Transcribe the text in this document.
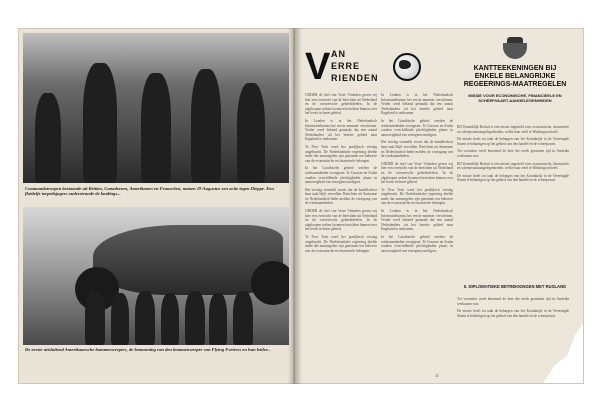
Commandotroepen bestaande uit Britten, Canadeezen, Amerikanen en Franschen, namen 19 Augustus een actie tegen Dieppe. Een flottielje torpedojagers ondersteunde de landings...

De eerste uitsluitend Amerikaansche bommenwerpers, de bemanning van den bommenwerper van Flying Fortress en hun leider...

V AN
ERRE
RIENDEN

ONDER de titel van Verre Vrienden geven wij hier een overzicht van de berichten uit Nederland en de overzeesche gebiedsdeelen. In de afgeloopen weken kwamen berichten binnen over het leven in bezet gebied.

In Londen is in het Nederlandsch Informatiebureau het eerste nummer verschenen. Verder werd bekend gemaakt dat een aantal Nederlanders uit het bezette gebied naar Engeland is ontkomen.

Te New York werd het jaarlijksch verslag uitgebracht. De Nederlandsche regeering deelde mede dat maatregelen zijn genomen ten behoeve van de economische en financieele belangen.

In het Caraibische gebied werden de werkzaamheden voortgezet. Te Curacao en Aruba vonden verschillende plechtigheden plaats in aanwezigheid van vertegenwoordigers.

Het verslag vermeldt voorts dat de handelsvloot haar taak blijft vervullen. Berichten uit Suriname en Nederlandsch-Indie melden de voortgang van de werkzaamheden.

ONDER de titel van Verre Vrienden geven wij hier een overzicht van de berichten uit Nederland en de overzeesche gebiedsdeelen. In de afgeloopen weken kwamen berichten binnen over het leven in bezet gebied.

Te New York werd het jaarlijksch verslag uitgebracht. De Nederlandsche regeering deelde mede dat maatregelen zijn genomen ten behoeve van de economische en financieele belangen.

In Londen is in het Nederlandsch Informatiebureau het eerste nummer verschenen. Verder werd bekend gemaakt dat een aantal Nederlanders uit het bezette gebied naar Engeland is ontkomen.

In het Caraibische gebied werden de werkzaamheden voortgezet. Te Curacao en Aruba vonden verschillende plechtigheden plaats in aanwezigheid van vertegenwoordigers.

Het verslag vermeldt voorts dat de handelsvloot haar taak blijft vervullen. Berichten uit Suriname en Nederlandsch-Indie melden de voortgang van de werkzaamheden.

ONDER de titel van Verre Vrienden geven wij hier een overzicht van de berichten uit Nederland en de overzeesche gebiedsdeelen. In de afgeloopen weken kwamen berichten binnen over het leven in bezet gebied.

Te New York werd het jaarlijksch verslag uitgebracht. De Nederlandsche regeering deelde mede dat maatregelen zijn genomen ten behoeve van de economische en financieele belangen.

In Londen is in het Nederlandsch Informatiebureau het eerste nummer verschenen. Verder werd bekend gemaakt dat een aantal Nederlanders uit het bezette gebied naar Engeland is ontkomen.

In het Caraibische gebied werden de werkzaamheden voortgezet. Te Curacao en Aruba vonden verschillende plechtigheden plaats in aanwezigheid van vertegenwoordigers.

KANTTEEKENINGEN BIJ ENKELE BELANGRIJKE REGEERINGS-MAATREGELEN

MISSIE VOOR ECONOMISCHE, FINANCIEELE EN SCHEEPVAART-AANGELEGENHEDEN

BIJ Koninklijk Besluit is een missie ingesteld voor economische, financieele en scheepvaartaangelegenheden, welke haar zetel te Washington heeft.

De missie heeft tot taak de belangen van het Koninkrijk in de Vereenigde Staten te behartigen op het gebied van den handel en de scheepvaart.

Tot voorzitter werd benoemd de heer die reeds geruimen tijd in Amerika werkzaam was.

BIJ Koninklijk Besluit is een missie ingesteld voor economische, financieele en scheepvaartaangelegenheden, welke haar zetel te Washington heeft.

De missie heeft tot taak de belangen van het Koninkrijk in de Vereenigde Staten te behartigen op het gebied van den handel en de scheepvaart.

II. DIPLOMATIEKE BETREKKINGEN MET RUSLAND

Tot voorzitter werd benoemd de heer die reeds geruimen tijd in Amerika werkzaam was.

De missie heeft tot taak de belangen van het Koninkrijk in de Vereenigde Staten te behartigen op het gebied van den handel en de scheepvaart.

11
